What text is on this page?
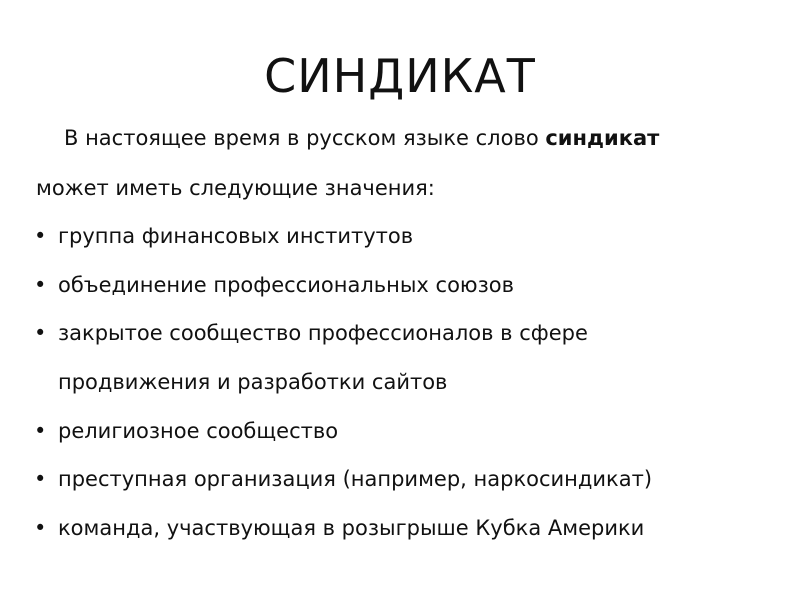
СИНДИКАТ
В настоящее время в русском языке слово синдикат
может иметь следующие значения:
• группа финансовых институтов
• объединение профессиональных союзов
• закрытое сообщество профессионалов в сфере
продвижения и разработки сайтов
• религиозное сообщество
• преступная организация (например, наркосиндикат)
• команда, участвующая в розыгрыше Кубка Америки
